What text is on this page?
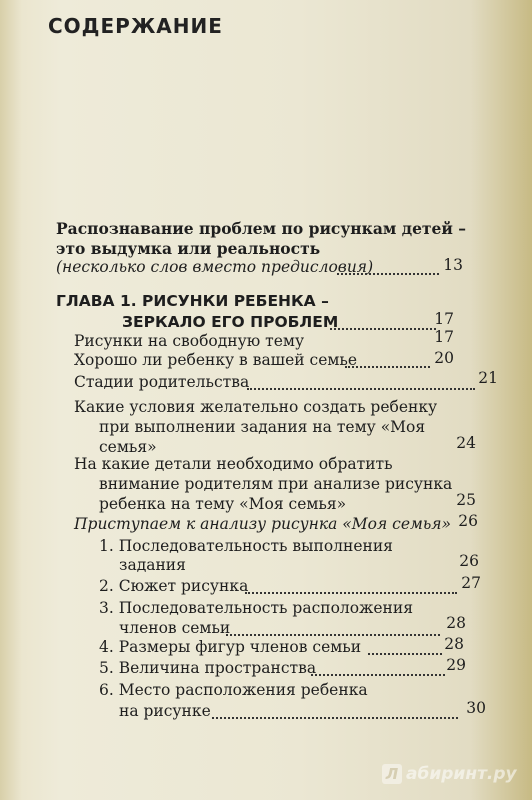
СОДЕРЖАНИЕ
Распознавание проблем по рисункам детей –
это выдумка или реальность
(несколько слов вместо предисловия)	13
ГЛАВА 1. РИСУНКИ РЕБЕНКА –
ЗЕРКАЛО ЕГО ПРОБЛЕМ	17
Рисунки на свободную тему	17
Хорошо ли ребенку в вашей семье	20
Стадии родительства	21
Какие условия желательно создать ребенку
при выполнении задания на тему «Моя
семья»	24
На какие детали необходимо обратить
внимание родителям при анализе рисунка
ребенка на тему «Моя семья»	25
Приступаем к анализу рисунка «Моя семья» 26
1. Последовательность выполнения
задания	26
2. Сюжет рисунка	27
3. Последовательность расположения
членов семьи	28
4. Размеры фигур членов семьи	28
5. Величина пространства	29
6. Место расположения ребенка
на рисунке	30
Л абиринт.ру
